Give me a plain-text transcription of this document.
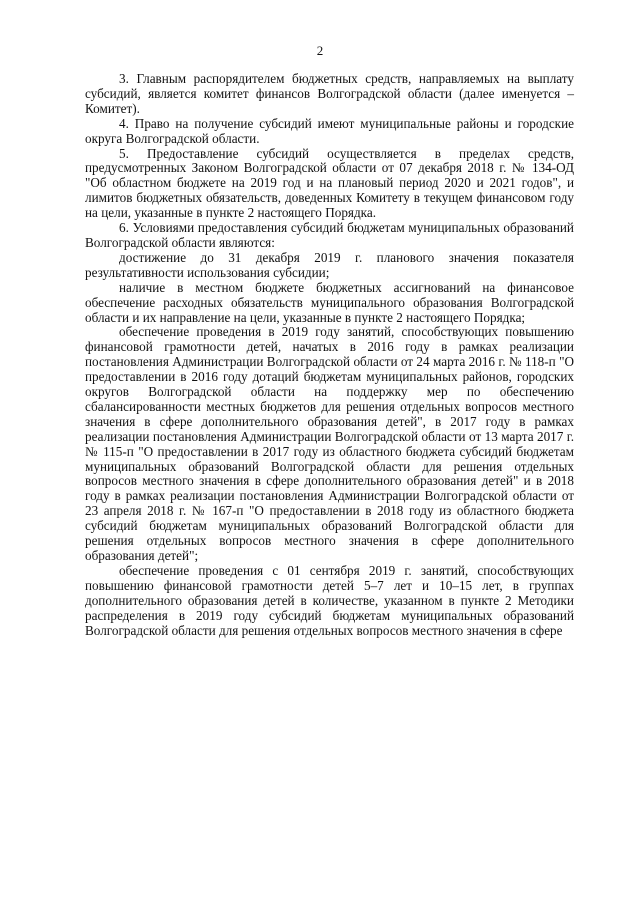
2

3. Главным распорядителем бюджетных средств, направляемых на выплату субсидий, является комитет финансов Волгоградской области (далее именуется – Комитет).

4. Право на получение субсидий имеют муниципальные районы и городские округа Волгоградской области.

5. Предоставление субсидий осуществляется в пределах средств, предусмотренных Законом Волгоградской области от 07 декабря 2018 г. № 134-ОД "Об областном бюджете на 2019 год и на плановый период 2020 и 2021 годов", и лимитов бюджетных обязательств, доведенных Комитету в текущем финансовом году на цели, указанные в пункте 2 настоящего Порядка.

6. Условиями предоставления субсидий бюджетам муниципальных образований Волгоградской области являются:

достижение до 31 декабря 2019 г. планового значения показателя результативности использования субсидии;

наличие в местном бюджете бюджетных ассигнований на финансовое обеспечение расходных обязательств муниципального образования Волгоградской области и их направление на цели, указанные в пункте 2 настоящего Порядка;

обеспечение проведения в 2019 году занятий, способствующих повышению финансовой грамотности детей, начатых в 2016 году в рамках реализации постановления Администрации Волгоградской области от 24 марта 2016 г. № 118-п "О предоставлении в 2016 году дотаций бюджетам муниципальных районов, городских округов Волгоградской области на поддержку мер по обеспечению сбалансированности местных бюджетов для решения отдельных вопросов местного значения в сфере дополнительного образования детей", в 2017 году в рамках реализации постановления Администрации Волгоградской области от 13 марта 2017 г. № 115-п "О предоставлении в 2017 году из областного бюджета субсидий бюджетам муниципальных образований Волгоградской области для решения отдельных вопросов местного значения в сфере дополнительного образования детей" и в 2018 году в рамках реализации постановления Администрации Волгоградской области от 23 апреля 2018 г. № 167-п "О предоставлении в 2018 году из областного бюджета субсидий бюджетам муниципальных образований Волгоградской области для решения отдельных вопросов местного значения в сфере дополнительного образования детей";

обеспечение проведения с 01 сентября 2019 г. занятий, способствующих повышению финансовой грамотности детей 5–7 лет и 10–15 лет, в группах дополнительного образования детей в количестве, указанном в пункте 2 Методики распределения в 2019 году субсидий бюджетам муниципальных образований Волгоградской области для решения отдельных вопросов местного значения в сфере
